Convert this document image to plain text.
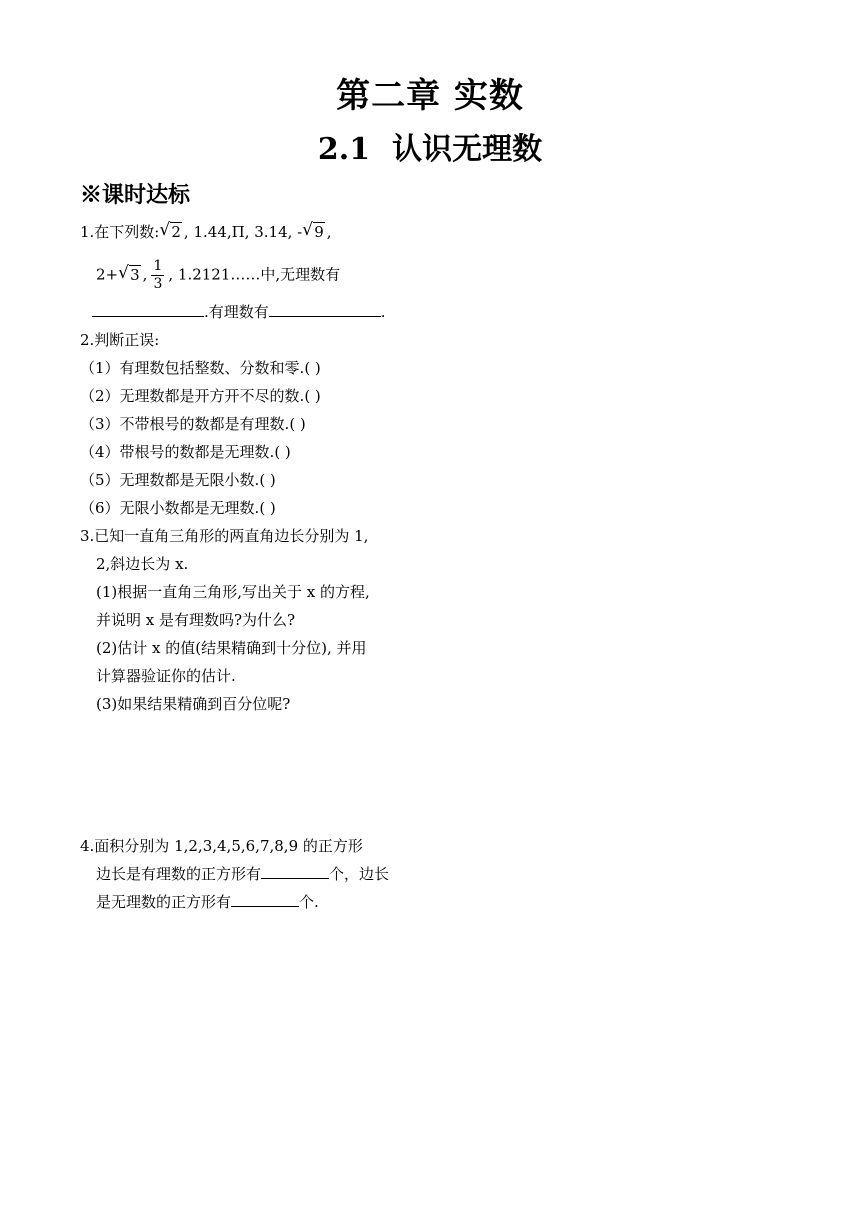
第二章 实数
2.1 认识无理数
※课时达标
1.在下列数: √ 2 , 1.44,Π, 3.14, - √ 9 ,
2+ √ 3 , $\frac{1}{3}$ , 1.2121……中,无理数有
.有理数有	.
2.判断正误:
（1）有理数包括整数、分数和零.( )
（2）无理数都是开方开不尽的数.( )
（3）不带根号的数都是有理数.( )
（4）带根号的数都是无理数.( )
（5）无理数都是无限小数.( )
（6）无限小数都是无理数.( )
3.已知一直角三角形的两直角边长分别为 1,
2,斜边长为 x.
(1)根据一直角三角形,写出关于 x 的方程,
并说明 x 是有理数吗?为什么?
(2)估计 x 的值(结果精确到十分位), 并用
计算器验证你的估计.
(3)如果结果精确到百分位呢?
4.面积分别为 1,2,3,4,5,6,7,8,9 的正方形
边长是有理数的正方形有	个，边长
是无理数的正方形有	个.
